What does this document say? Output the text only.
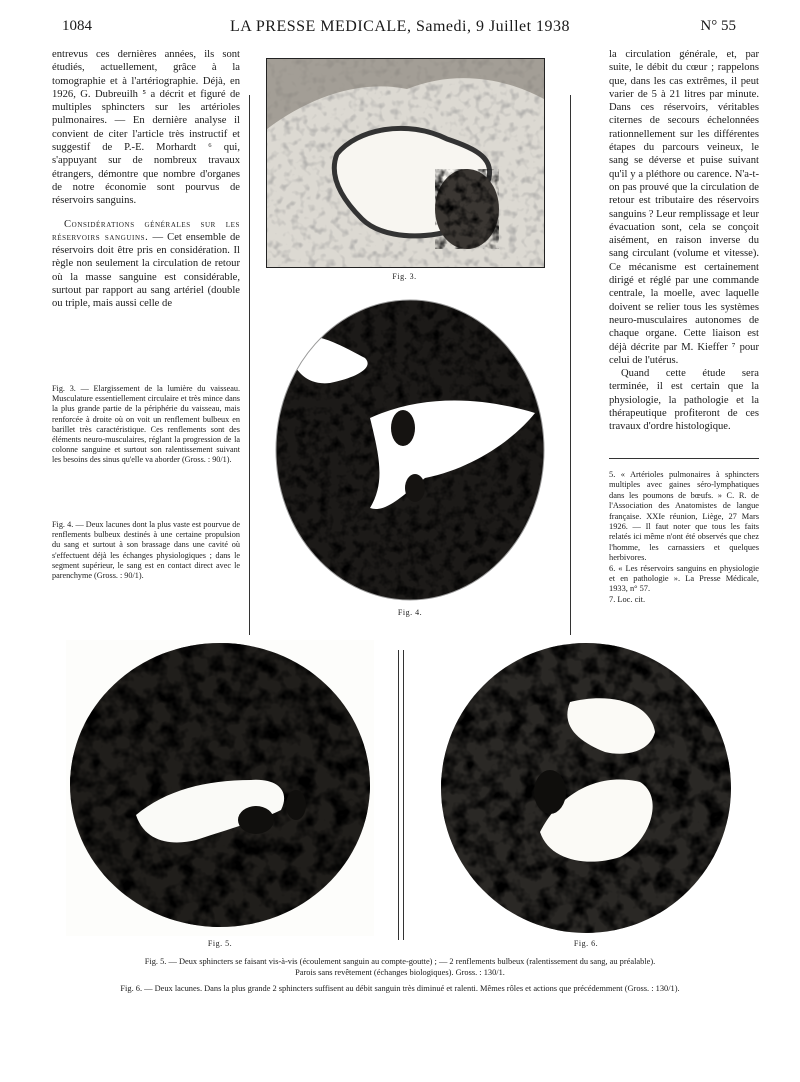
1084	LA PRESSE MEDICALE, Samedi, 9 Juillet 1938	N° 55

entrevus ces dernières années, ils sont étudiés, actuellement, grâce à la tomographie et à l'artériographie. Déjà, en 1926, G. Dubreuilh ⁵ a décrit et figuré de multiples sphincters sur les artérioles pulmonaires. — En dernière analyse il convient de citer l'article très instructif et suggestif de P.-E. Morhardt ⁶ qui, s'appuyant sur de nombreux travaux étrangers, démontre que nombre d'organes de notre économie sont pourvus de réservoirs sanguins.

Considérations générales sur les réservoirs sanguins. — Cet ensemble de réservoirs doit être pris en considération. Il règle non seulement la circulation de retour où la masse sanguine est considérable, surtout par rapport au sang artériel (double ou triple, mais aussi celle de

Fig. 3. — Elargissement de la lumière du vaisseau. Musculature essentiellement circulaire et très mince dans la plus grande partie de la périphérie du vaisseau, mais renforcée à droite où on voit un renflement bulbeux en barillet très caractéristique. Ces renflements sont des éléments neuro-musculaires, réglant la progression de la colonne sanguine et surtout son ralentissement suivant les besoins des sinus qu'elle va aborder (Gross. : 90/1).
Fig. 4. — Deux lacunes dont la plus vaste est pourvue de renflements bulbeux destinés à une certaine propulsion du sang et surtout à son brassage dans une cavité où s'effectuent déjà les échanges physiologiques ; dans le segment supérieur, le sang est en contact direct avec le parenchyme (Gross. : 90/1).
Fig. 3.
Fig. 4.

la circulation générale, et, par suite, le débit du cœur ; rappelons que, dans les cas extrêmes, il peut varier de 5 à 21 litres par minute. Dans ces réservoirs, véritables citernes de secours échelonnées rationnellement sur les différentes étapes du parcours veineux, le sang se déverse et puise suivant qu'il y a pléthore ou carence. N'a-t-on pas prouvé que la circulation de retour est tributaire des réservoirs sanguins ? Leur remplissage et leur évacuation sont, cela se conçoit aisément, en raison inverse du sang circulant (volume et vitesse). Ce mécanisme est certainement dirigé et réglé par une commande centrale, la moelle, avec laquelle doivent se relier tous les systèmes neuro-musculaires autonomes de chaque organe. Cette liaison est déjà décrite par M. Kieffer ⁷ pour celui de l'utérus.

Quand cette étude sera terminée, il est certain que la physiologie, la pathologie et la thérapeutique profiteront de ces travaux d'ordre histologique.

5. « Artérioles pulmonaires à sphincters multiples avec gaines séro-lymphatiques dans les poumons de bœufs. » C. R. de l'Association des Anatomistes de langue française. XXIe réunion, Liège, 27 Mars 1926. — Il faut noter que tous les faits relatés ici même n'ont été observés que chez l'homme, les carnassiers et quelques herbivores.
6. « Les réservoirs sanguins en physiologie et en pathologie ». La Presse Médicale, 1933, n° 57.
7. Loc. cit.
Fig. 5.	Fig. 6.
Fig. 5. — Deux sphincters se faisant vis-à-vis (écoulement sanguin au compte-goutte) ; — 2 renflements bulbeux (ralentissement du sang, au préalable).
Parois sans revêtement (échanges biologiques). Gross. : 130/1.
Fig. 6. — Deux lacunes. Dans la plus grande 2 sphincters suffisent au débit sanguin très diminué et ralenti. Mêmes rôles et actions que précédemment (Gross. : 130/1).
